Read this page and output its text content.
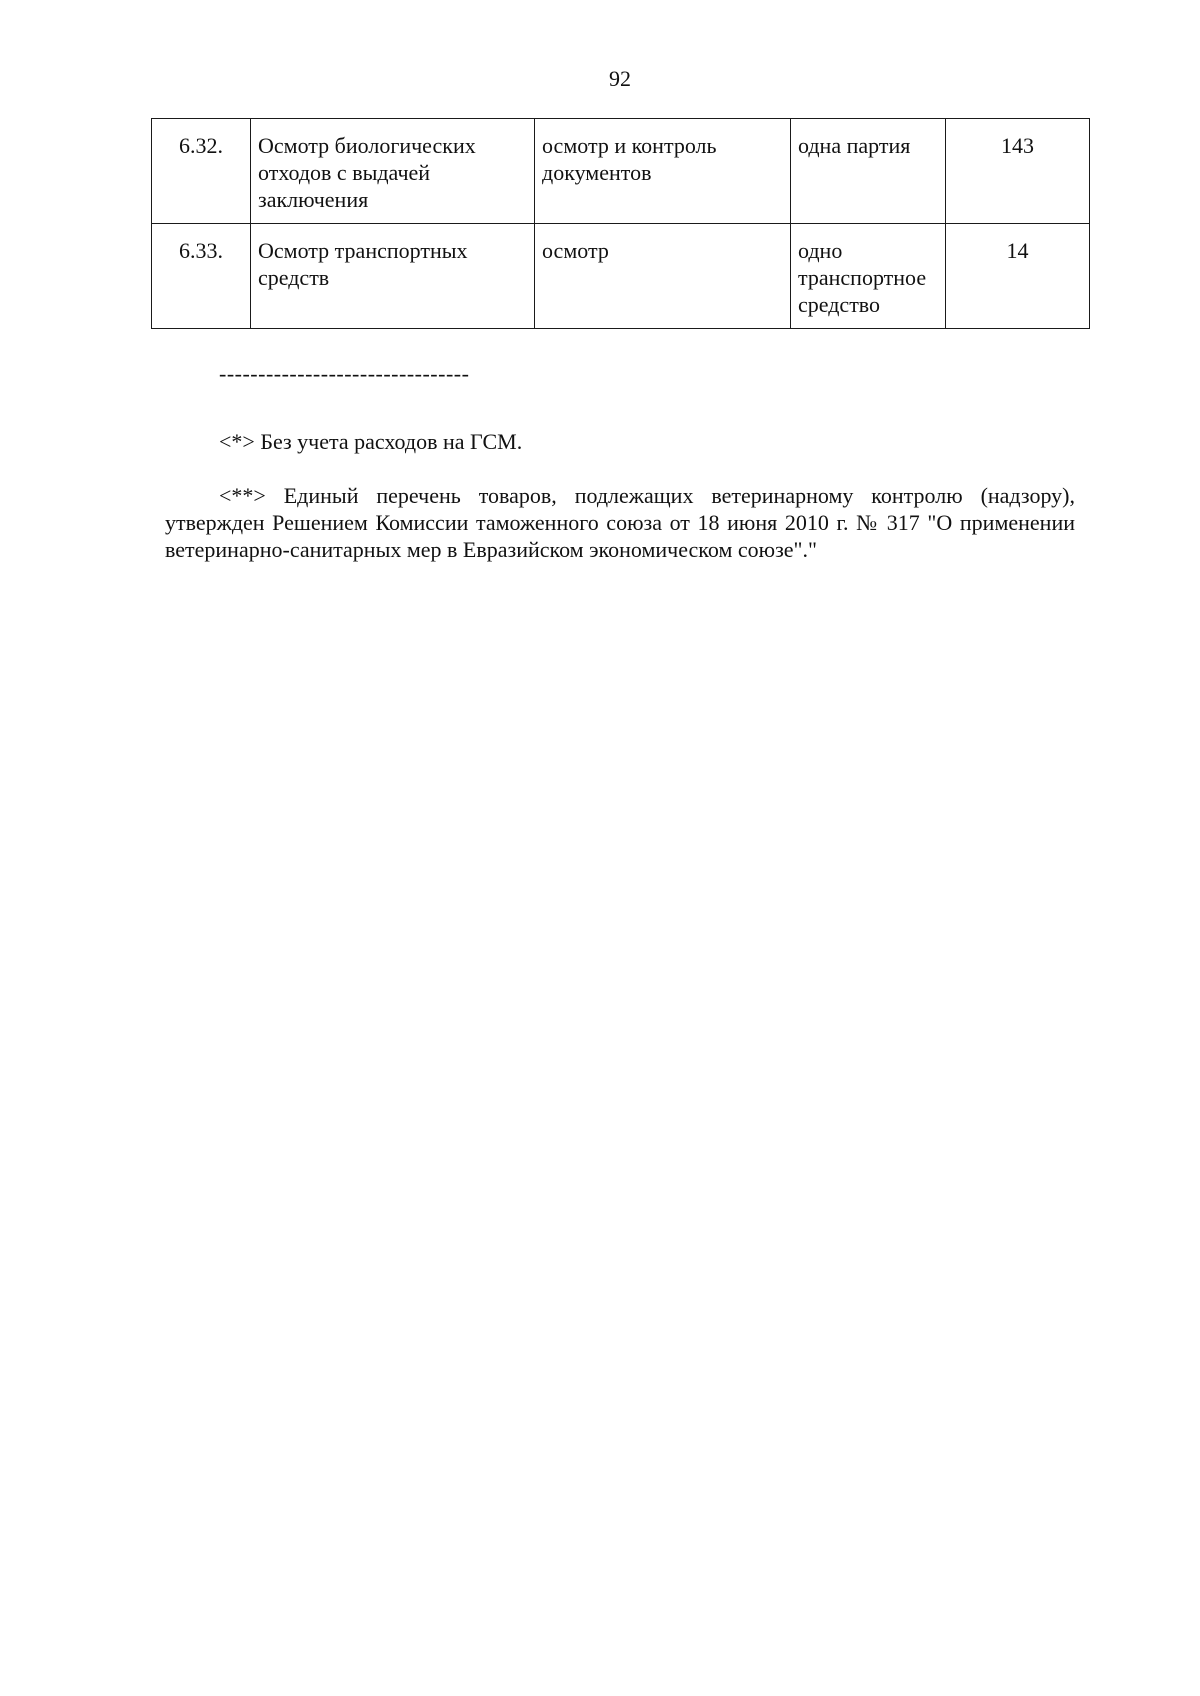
92
6.32.	Осмотр биологических отходов с выдачей заключения	осмотр и контроль документов	одна партия	143
6.33.	Осмотр транспортных средств	осмотр	одно транспортное средство	14
--------------------------------

<*> Без учета расходов на ГСМ.

<**> Единый перечень товаров, подлежащих ветеринарному контролю (надзору), утвержден Решением Комиссии таможенного союза от 18 июня 2010 г. № 317 "О применении ветеринарно-санитарных мер в Евразийском экономическом союзе"."
